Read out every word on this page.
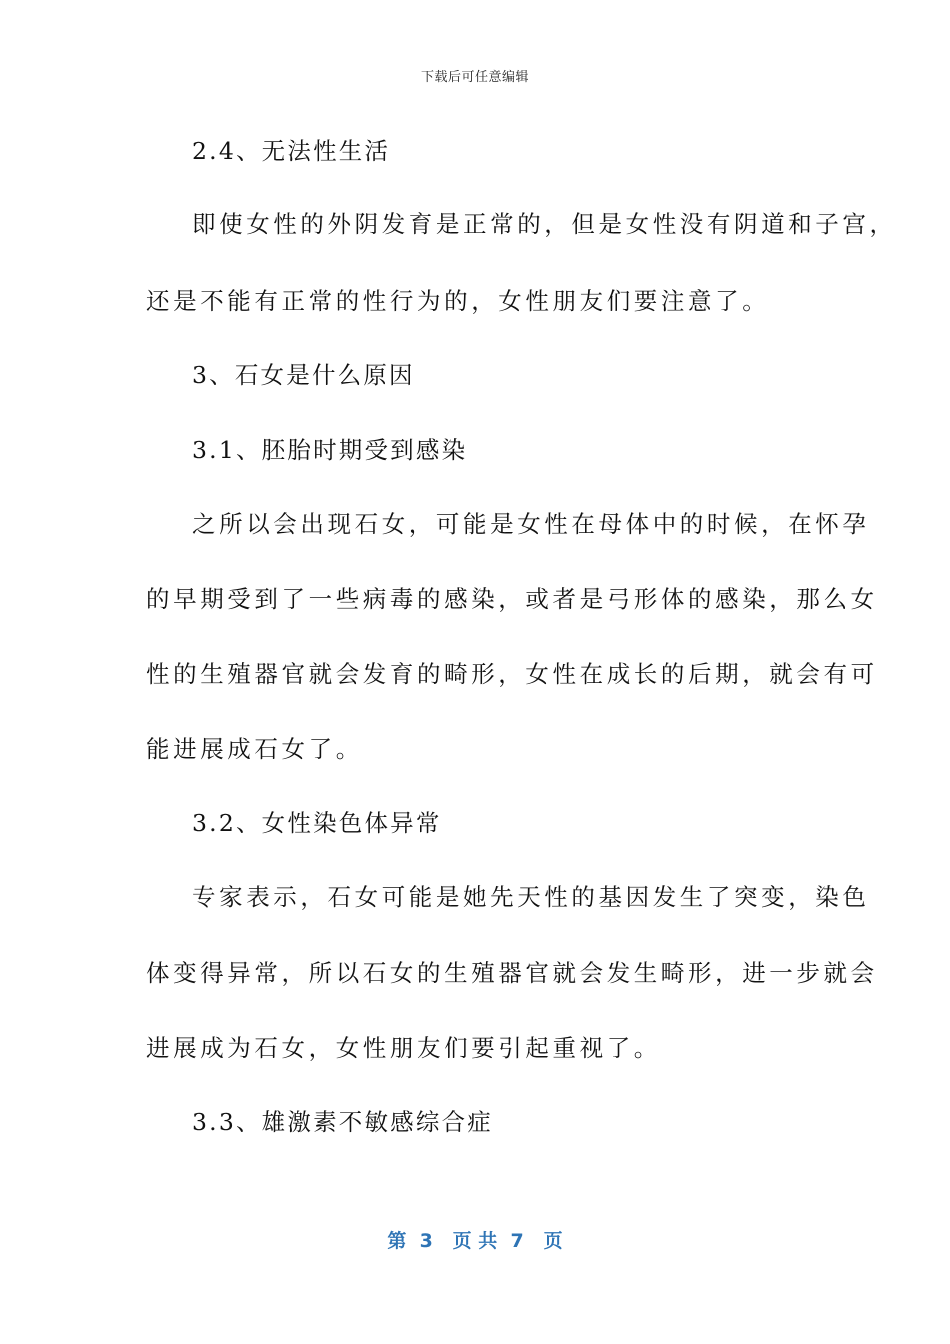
下载后可任意编辑
2.4、无法性生活
即使女性的外阴发育是正常的，但是女性没有阴道和子宫，
还是不能有正常的性行为的，女性朋友们要注意了。
3、石女是什么原因
3.1、胚胎时期受到感染
之所以会出现石女，可能是女性在母体中的时候，在怀孕
的早期受到了一些病毒的感染，或者是弓形体的感染，那么女
性的生殖器官就会发育的畸形，女性在成长的后期，就会有可
能进展成石女了。
3.2、女性染色体异常
专家表示，石女可能是她先天性的基因发生了突变，染色
体变得异常，所以石女的生殖器官就会发生畸形，进一步就会
进展成为石女，女性朋友们要引起重视了。
3.3、雄激素不敏感综合症
第  3   页 共  7   页
